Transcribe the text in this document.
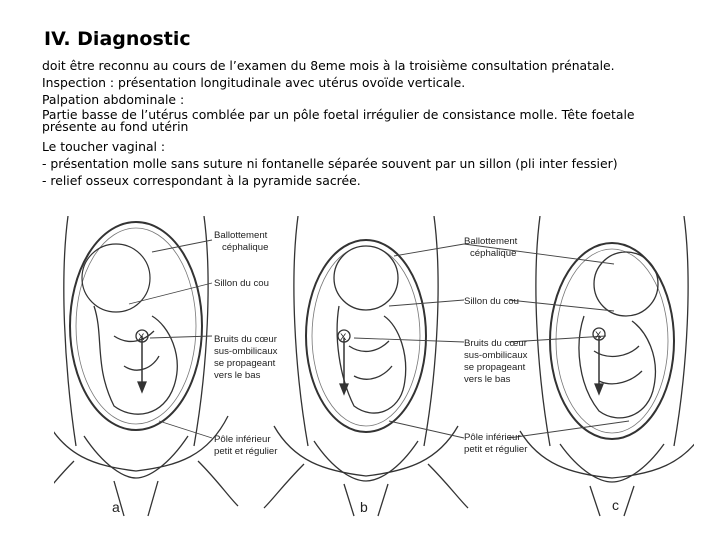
IV. Diagnostic
doit être reconnu au cours de l’examen du 8eme mois à la troisième consultation prénatale.
Inspection : présentation longitudinale avec utérus ovoïde verticale.
Palpation abdominale :
Partie basse de l’utérus comblée par un pôle foetal irrégulier de consistance molle. Tête foetale présente au fond utérin
Le toucher vaginal :
- présentation molle sans suture ni fontanelle séparée souvent par un sillon (pli inter fessier)
- relief osseux correspondant à la pyramide sacrée.
X	X	X
Ballottement
céphalique
Sillon du cou
Bruits du cœur
sus-ombilicaux
se propageant
vers le bas
Pôle inférieur
petit et régulier
Ballottement
céphalique
Sillon du cou
Bruits du cœur
sus-ombilicaux
se propageant
vers le bas
Pôle inférieur
petit et régulier
a	b	c
